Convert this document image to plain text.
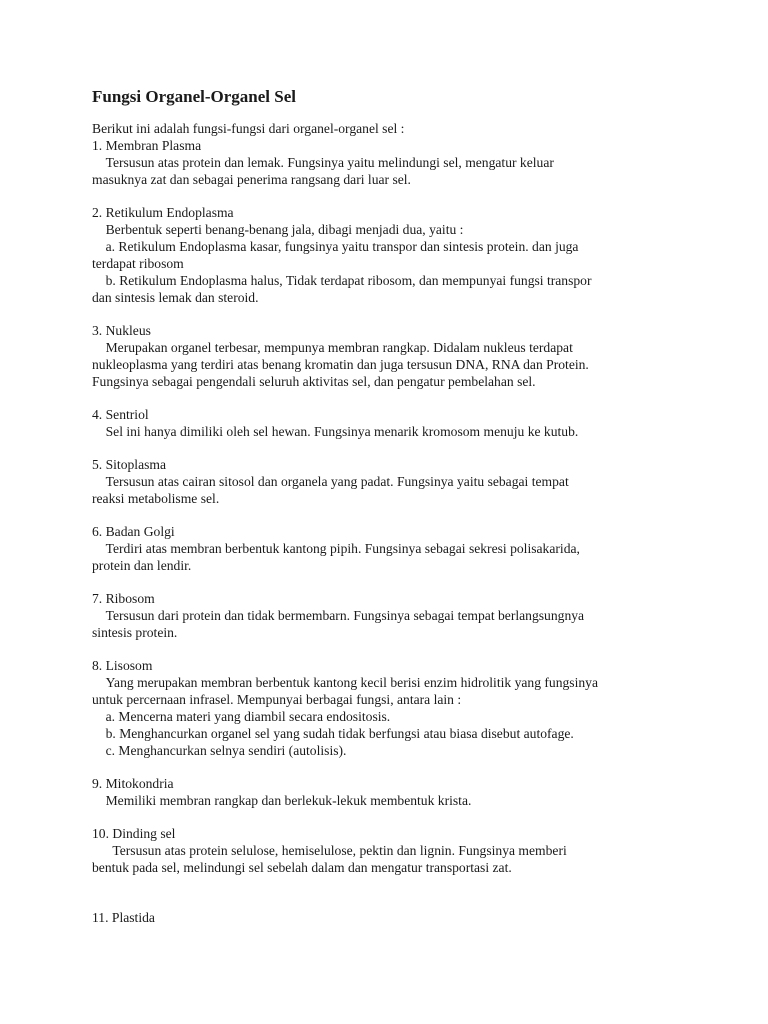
Fungsi Organel-Organel Sel
Berikut ini adalah fungsi-fungsi dari organel-organel sel :
1. Membran Plasma
Tersusun atas protein dan lemak. Fungsinya yaitu melindungi sel, mengatur keluar
masuknya zat dan sebagai penerima rangsang dari luar sel.
2. Retikulum Endoplasma
Berbentuk seperti benang-benang jala, dibagi menjadi dua, yaitu :
a. Retikulum Endoplasma kasar, fungsinya yaitu transpor dan sintesis protein. dan juga
terdapat ribosom
b. Retikulum Endoplasma halus, Tidak terdapat ribosom, dan mempunyai fungsi transpor
dan sintesis lemak dan steroid.
3. Nukleus
Merupakan organel terbesar, mempunya membran rangkap. Didalam nukleus terdapat
nukleoplasma yang terdiri atas benang kromatin dan juga tersusun DNA, RNA dan Protein.
Fungsinya sebagai pengendali seluruh aktivitas sel, dan pengatur pembelahan sel.
4. Sentriol
Sel ini hanya dimiliki oleh sel hewan. Fungsinya menarik kromosom menuju ke kutub.
5. Sitoplasma
Tersusun atas cairan sitosol dan organela yang padat. Fungsinya yaitu sebagai tempat
reaksi metabolisme sel.
6. Badan Golgi
Terdiri atas membran berbentuk kantong pipih. Fungsinya sebagai sekresi polisakarida,
protein dan lendir.
7. Ribosom
Tersusun dari protein dan tidak bermembarn. Fungsinya sebagai tempat berlangsungnya
sintesis protein.
8. Lisosom
Yang merupakan membran berbentuk kantong kecil berisi enzim hidrolitik yang fungsinya
untuk percernaan infrasel. Mempunyai berbagai fungsi, antara lain :
a. Mencerna materi yang diambil secara endositosis.
b. Menghancurkan organel sel yang sudah tidak berfungsi atau biasa disebut autofage.
c. Menghancurkan selnya sendiri (autolisis).
9. Mitokondria
Memiliki membran rangkap dan berlekuk-lekuk membentuk krista.
10. Dinding sel
Tersusun atas protein selulose, hemiselulose, pektin dan lignin. Fungsinya memberi
bentuk pada sel, melindungi sel sebelah dalam dan mengatur transportasi zat.
11. Plastida
